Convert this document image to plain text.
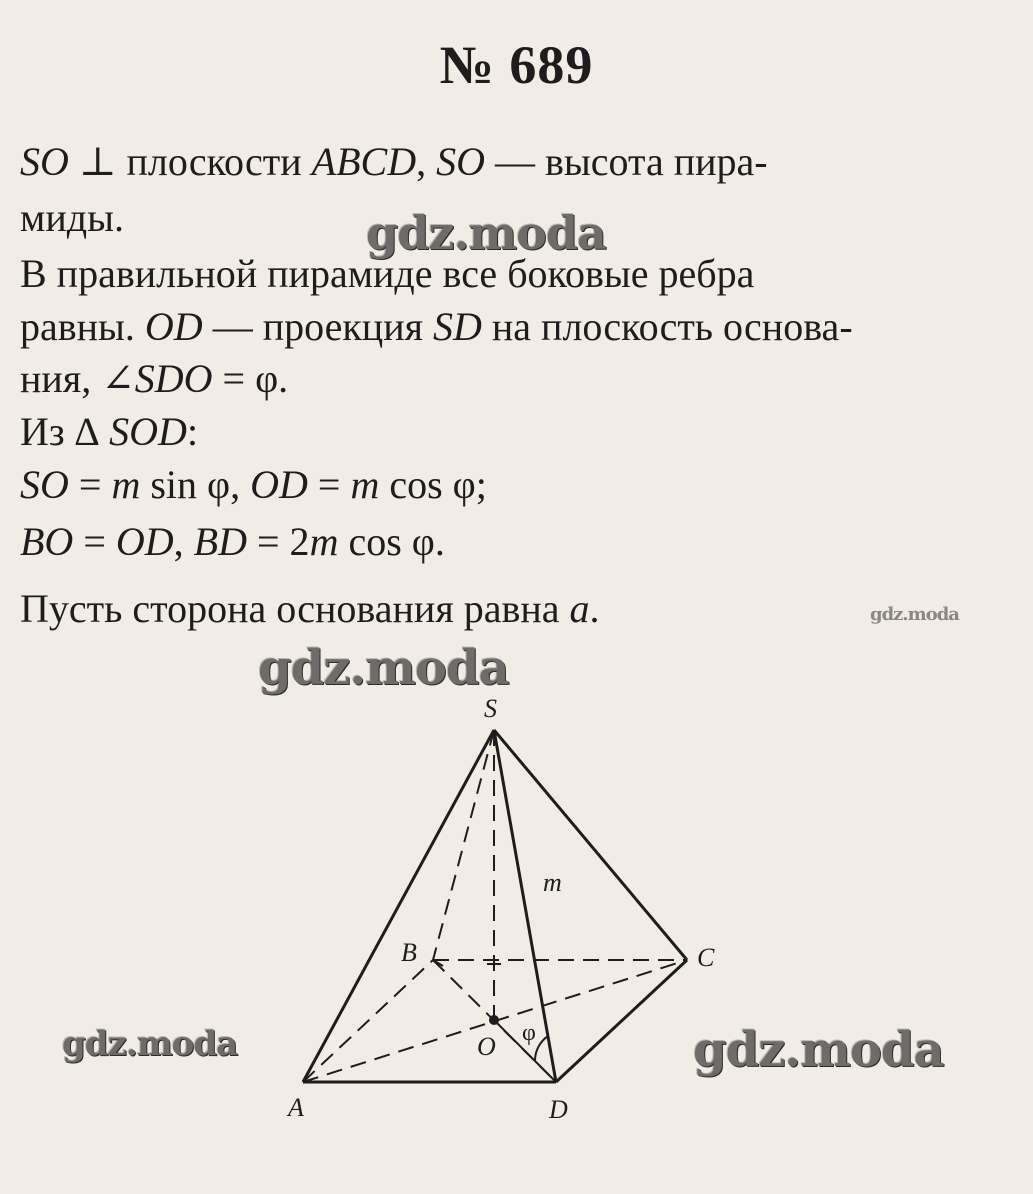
№ 689
SO ⊥ плоскости ABCD, SO — высота пира-
миды.
В правильной пирамиде все боковые ребра
равны. OD — проекция SD на плоскость основа-
ния, ∠SDO = φ.
Из ∆ SOD:
SO = m sin φ, OD = m cos φ;
BO = OD, BD = 2m cos φ.
Пусть сторона основания равна a.
S
A
B	C
D
O
m
φ
gdz.moda
gdz.moda
gdz.moda
gdz.moda	gdz.moda
